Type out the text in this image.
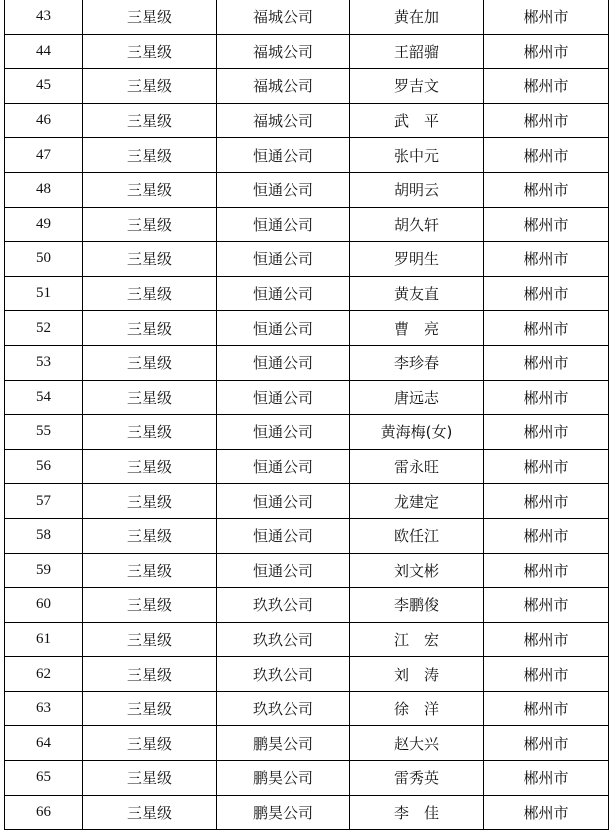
43	三星级	福城公司	黄在加	郴州市
44	三星级	福城公司	王韶骝	郴州市
45	三星级	福城公司	罗吉文	郴州市
46	三星级	福城公司	武　平	郴州市
47	三星级	恒通公司	张中元	郴州市
48	三星级	恒通公司	胡明云	郴州市
49	三星级	恒通公司	胡久轩	郴州市
50	三星级	恒通公司	罗明生	郴州市
51	三星级	恒通公司	黄友直	郴州市
52	三星级	恒通公司	曹　亮	郴州市
53	三星级	恒通公司	李珍春	郴州市
54	三星级	恒通公司	唐远志	郴州市
55	三星级	恒通公司	黄海梅(女)	郴州市
56	三星级	恒通公司	雷永旺	郴州市
57	三星级	恒通公司	龙建定	郴州市
58	三星级	恒通公司	欧任江	郴州市
59	三星级	恒通公司	刘文彬	郴州市
60	三星级	玖玖公司	李鹏俊	郴州市
61	三星级	玖玖公司	江　宏	郴州市
62	三星级	玖玖公司	刘　涛	郴州市
63	三星级	玖玖公司	徐　洋	郴州市
64	三星级	鹏昊公司	赵大兴	郴州市
65	三星级	鹏昊公司	雷秀英	郴州市
66	三星级	鹏昊公司	李　佳	郴州市
